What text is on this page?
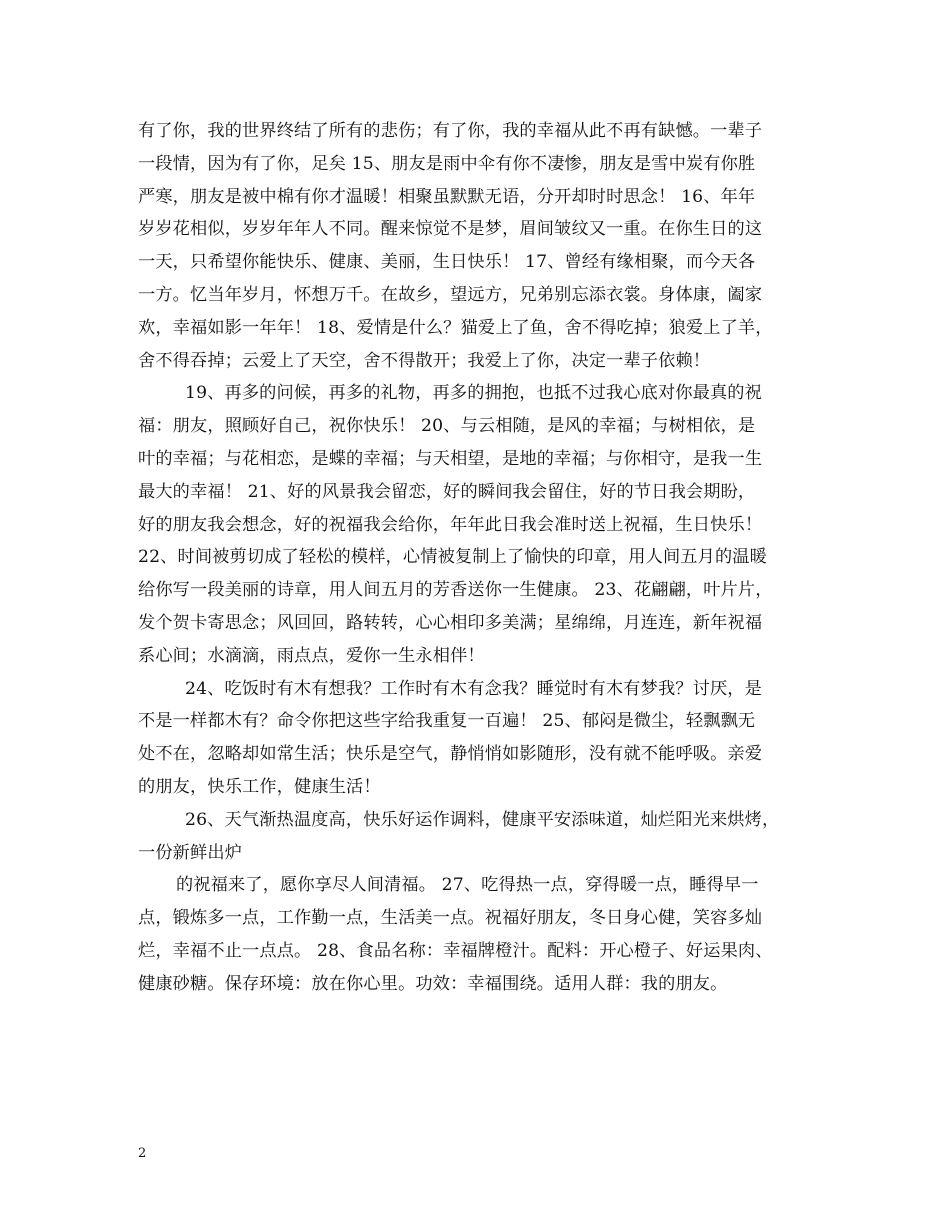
有了你，我的世界终结了所有的悲伤；有了你，我的幸福从此不再有缺憾。一辈子
一段情，因为有了你，足矣 15、朋友是雨中伞有你不凄惨，朋友是雪中炭有你胜
严寒，朋友是被中棉有你才温暖！相聚虽默默无语，分开却时时思念！ 16、年年
岁岁花相似，岁岁年年人不同。醒来惊觉不是梦，眉间皱纹又一重。在你生日的这
一天，只希望你能快乐、健康、美丽，生日快乐！ 17、曾经有缘相聚，而今天各
一方。忆当年岁月，怀想万千。在故乡，望远方，兄弟别忘添衣裳。身体康，阖家
欢，幸福如影一年年！ 18、爱情是什么？猫爱上了鱼，舍不得吃掉；狼爱上了羊，
舍不得吞掉；云爱上了天空，舍不得散开；我爱上了你，决定一辈子依赖！
19、再多的问候，再多的礼物，再多的拥抱，也抵不过我心底对你最真的祝
福：朋友，照顾好自己，祝你快乐！ 20、与云相随，是风的幸福；与树相依，是
叶的幸福；与花相恋，是蝶的幸福；与天相望，是地的幸福；与你相守，是我一生
最大的幸福！ 21、好的风景我会留恋，好的瞬间我会留住，好的节日我会期盼，
好的朋友我会想念，好的祝福我会给你，年年此日我会准时送上祝福，生日快乐！
22、时间被剪切成了轻松的模样，心情被复制上了愉快的印章，用人间五月的温暖
给你写一段美丽的诗章，用人间五月的芳香送你一生健康。 23、花翩翩，叶片片，
发个贺卡寄思念；风回回，路转转，心心相印多美满；星绵绵，月连连，新年祝福
系心间；水滴滴，雨点点，爱你一生永相伴！
24、吃饭时有木有想我？工作时有木有念我？睡觉时有木有梦我？讨厌，是
不是一样都木有？命令你把这些字给我重复一百遍！ 25、郁闷是微尘，轻飘飘无
处不在，忽略却如常生活；快乐是空气，静悄悄如影随形，没有就不能呼吸。亲爱
的朋友，快乐工作，健康生活！
26、天气渐热温度高，快乐好运作调料，健康平安添味道，灿烂阳光来烘烤，
一份新鲜出炉
的祝福来了，愿你享尽人间清福。 27、吃得热一点，穿得暖一点，睡得早一
点，锻炼多一点，工作勤一点，生活美一点。祝福好朋友，冬日身心健，笑容多灿
烂，幸福不止一点点。 28、食品名称：幸福牌橙汁。配料：开心橙子、好运果肉、
健康砂糖。保存环境：放在你心里。功效：幸福围绕。适用人群：我的朋友。
2
